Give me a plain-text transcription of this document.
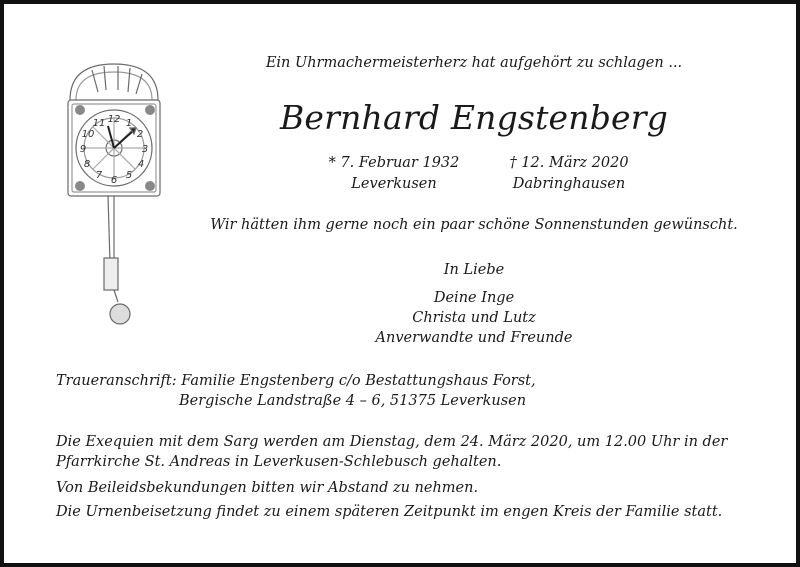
12 1
2
3
4
5
6
7
8
9
10
11
Ein Uhrmachermeisterherz hat aufgehört zu schlagen ...
Bernhard Engstenberg
* 7. Februar 1932
Leverkusen
† 12. März 2020
Dabringhausen
Wir hätten ihm gerne noch ein paar schöne Sonnenstunden gewünscht.
In Liebe
Deine Inge
Christa und Lutz
Anverwandte und Freunde
Traueranschrift: Familie Engstenberg c/o Bestattungshaus Forst,
Bergische Landstraße 4 – 6, 51375 Leverkusen
Die Exequien mit dem Sarg werden am Dienstag, dem 24. März 2020, um 12.00 Uhr in der
Pfarrkirche St. Andreas in Leverkusen-Schlebusch gehalten.
Von Beileidsbekundungen bitten wir Abstand zu nehmen.
Die Urnenbeisetzung findet zu einem späteren Zeitpunkt im engen Kreis der Familie statt.
